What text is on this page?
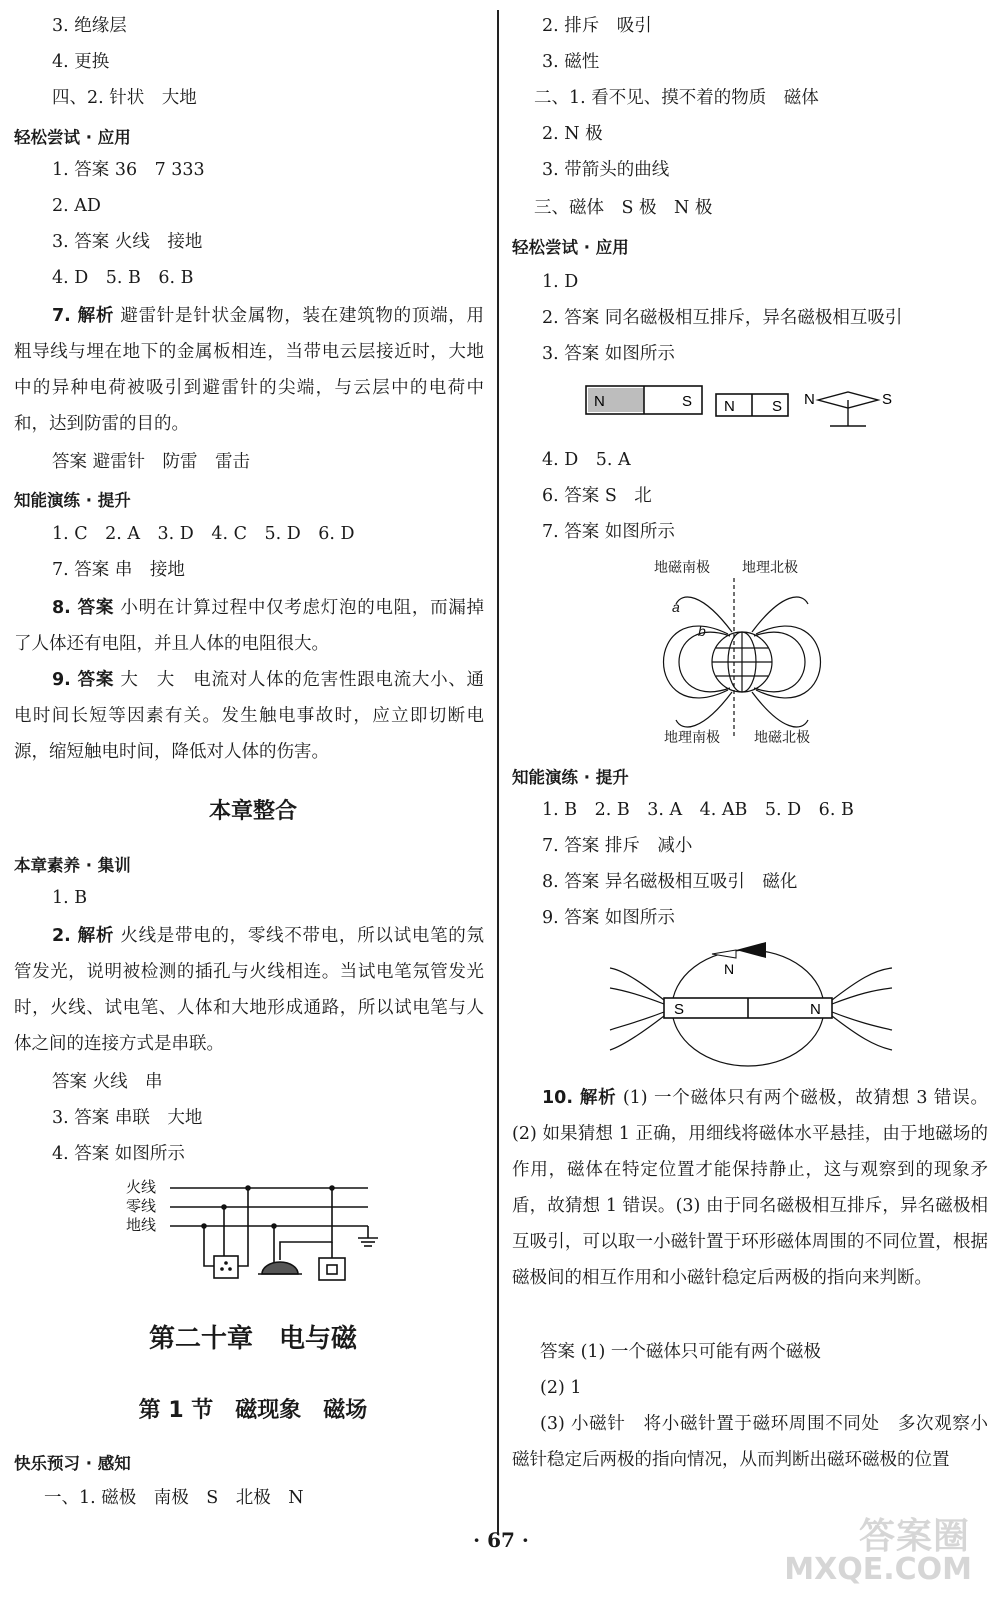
3. 绝缘层
4. 更换
四、2. 针状　大地
轻松尝试 · 应用
1. 答案 36　7 333
2. AD
3. 答案 火线　接地
4. D　5. B　6. B
7. 解析 避雷针是针状金属物，装在建筑物的顶端，用粗导线与埋在地下的金属板相连，当带电云层接近时，大地中的异种电荷被吸引到避雷针的尖端，与云层中的电荷中和，达到防雷的目的。
答案 避雷针　防雷　雷击
知能演练 · 提升
1. C　2. A　3. D　4. C　5. D　6. D
7. 答案 串　接地
8. 答案 小明在计算过程中仅考虑灯泡的电阻，而漏掉了人体还有电阻，并且人体的电阻很大。
9. 答案 大　大　电流对人体的危害性跟电流大小、通电时间长短等因素有关。发生触电事故时，应立即切断电源，缩短触电时间，降低对人体的伤害。
本章整合
本章素养 · 集训
1. B
2. 解析 火线是带电的，零线不带电，所以试电笔的氖管发光，说明被检测的插孔与火线相连。当试电笔氖管发光时，火线、试电笔、人体和大地形成通路，所以试电笔与人体之间的连接方式是串联。
答案 火线　串
3. 答案 串联　大地
4. 答案 如图所示
火线
零线
地线
第二十章　电与磁
第 1 节　磁现象　磁场
快乐预习 · 感知
一、1. 磁极　南极　S　北极　N
2. 排斥　吸引
3. 磁性
二、1. 看不见、摸不着的物质　磁体
2. N 极
3. 带箭头的曲线
三、磁体　S 极　N 极
轻松尝试 · 应用
1. D
2. 答案 同名磁极相互排斥，异名磁极相互吸引
3. 答案 如图所示
N	S N S N	S
4. D　5. A
6. 答案 S　北
7. 答案 如图所示
地磁南极 地理北极
地理南极 地磁北极
a
b
知能演练 · 提升
1. B　2. B　3. A　4. AB　5. D　6. B
7. 答案 排斥　减小
8. 答案 异名磁极相互吸引　磁化
9. 答案 如图所示
S	N
N
10. 解析 (1) 一个磁体只有两个磁极，故猜想 3 错误。(2) 如果猜想 1 正确，用细线将磁体水平悬挂，由于地磁场的作用，磁体在特定位置才能保持静止，这与观察到的现象矛盾，故猜想 1 错误。(3) 由于同名磁极相互排斥，异名磁极相互吸引，可以取一小磁针置于环形磁体周围的不同位置，根据磁极间的相互作用和小磁针稳定后两极的指向来判断。
答案 (1) 一个磁体只可能有两个磁极
(2) 1
(3) 小磁针　将小磁针置于磁环周围不同处　多次观察小磁针稳定后两极的指向情况，从而判断出磁环磁极的位置
· 67 ·	答案圈
MXQE.COM
